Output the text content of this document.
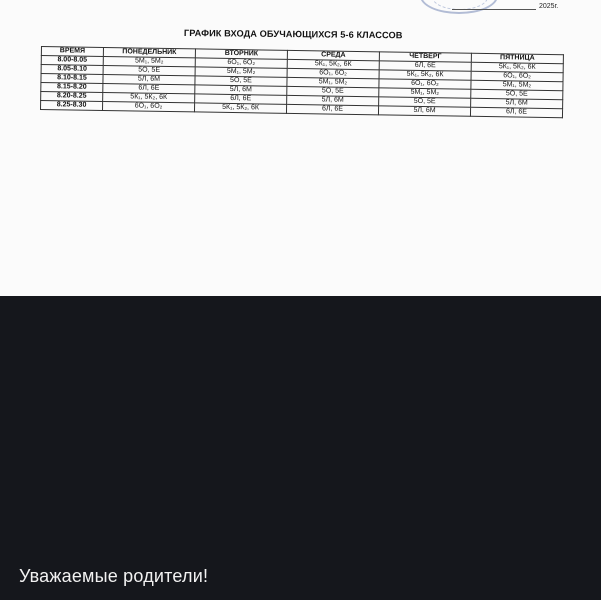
2025г.
ГРАФИК ВХОДА ОБУЧАЮЩИХСЯ 5-6 КЛАССОВ
ВРЕМЯ	ПОНЕДЕЛЬНИК	ВТОРНИК	СРЕДА	ЧЕТВЕРГ	ПЯТНИЦА
8.00-8.05	5М₁, 5М₂	6О₁, 6О₂	5К₁, 5К₂, 6К	6Л, 6Е	5К₁, 5К₂, 6К
8.05-8.10	5О, 5Е	5М₁, 5М₂	6О₁, 6О₂	5К₁, 5К₂, 6К	6О₁, 6О₂
8.10-8.15	5Л, 6М	5О, 5Е	5М₁, 5М₂	6О₁, 6О₂	5М₁, 5М₂
8.15-8.20	6Л, 6Е	5Л, 6М	5О, 5Е	5М₁, 5М₂	5О, 5Е
8.20-8.25	5К₁, 5К₂, 6К	6Л, 6Е	5Л, 6М	5О, 5Е	5Л, 6М
8.25-8.30	6О₁, 6О₂	5К₁, 5К₂, 6К	6Л, 6Е	5Л, 6М	6Л, 6Е
Уважаемые родители!
